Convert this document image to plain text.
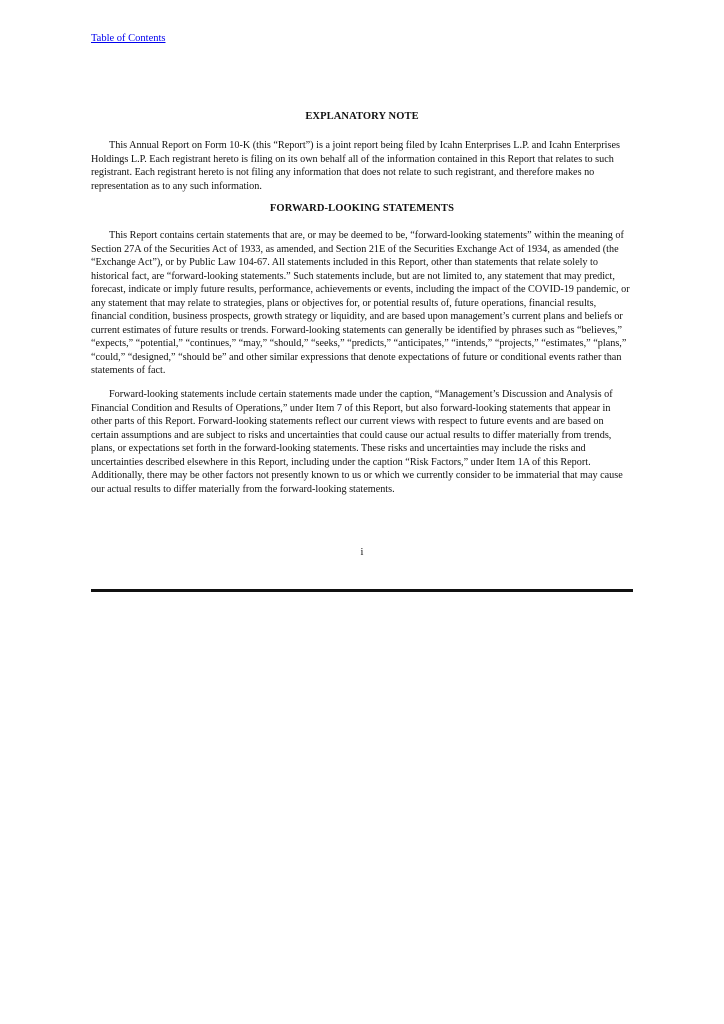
Table of Contents
EXPLANATORY NOTE

This Annual Report on Form 10-K (this “Report”) is a joint report being filed by Icahn Enterprises L.P. and Icahn Enterprises Holdings L.P. Each registrant hereto is filing on its own behalf all of the information contained in this Report that relates to such registrant. Each registrant hereto is not filing any information that does not relate to such registrant, and therefore makes no representation as to any such information.

FORWARD-LOOKING STATEMENTS

This Report contains certain statements that are, or may be deemed to be, “forward-looking statements” within the meaning of Section 27A of the Securities Act of 1933, as amended, and Section 21E of the Securities Exchange Act of 1934, as amended (the “Exchange Act”), or by Public Law 104-67. All statements included in this Report, other than statements that relate solely to historical fact, are “forward-looking statements.” Such statements include, but are not limited to, any statement that may predict, forecast, indicate or imply future results, performance, achievements or events, including the impact of the COVID-19 pandemic, or any statement that may relate to strategies, plans or objectives for, or potential results of, future operations, financial results, financial condition, business prospects, growth strategy or liquidity, and are based upon management’s current plans and beliefs or current estimates of future results or trends. Forward-looking statements can generally be identified by phrases such as “believes,” “expects,” “potential,” “continues,” “may,” “should,” “seeks,” “predicts,” “anticipates,” “intends,” “projects,” “estimates,” “plans,” “could,” “designed,” “should be” and other similar expressions that denote expectations of future or conditional events rather than statements of fact.

Forward-looking statements include certain statements made under the caption, “Management’s Discussion and Analysis of Financial Condition and Results of Operations,” under Item 7 of this Report, but also forward-looking statements that appear in other parts of this Report. Forward-looking statements reflect our current views with respect to future events and are based on certain assumptions and are subject to risks and uncertainties that could cause our actual results to differ materially from trends, plans, or expectations set forth in the forward-looking statements. These risks and uncertainties may include the risks and uncertainties described elsewhere in this Report, including under the caption “Risk Factors,” under Item 1A of this Report. Additionally, there may be other factors not presently known to us or which we currently consider to be immaterial that may cause our actual results to differ materially from the forward-looking statements.

i
